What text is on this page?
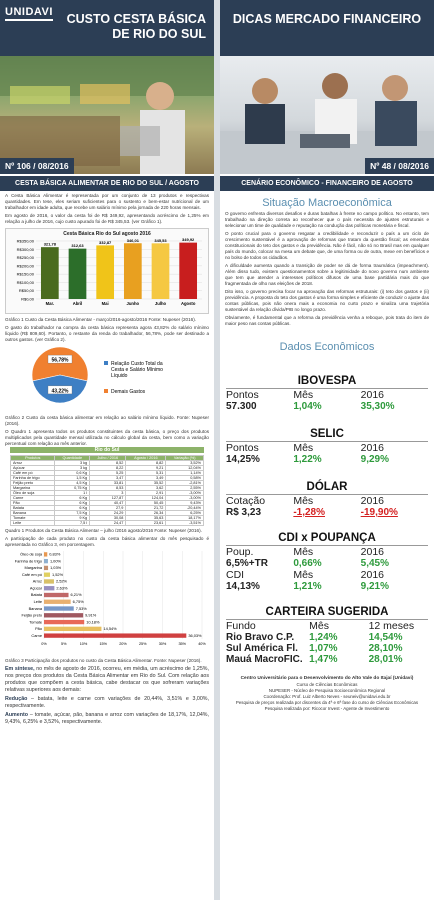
UNIDAVI	CUSTO CESTA BÁSICA DE RIO DO SUL
Nº 106 / 08/2016
CESTA BÁSICA ALIMENTAR DE RIO DO SUL / AGOSTO
A Cesta Básica Alimentar é representada por um conjunto de 13 produtos e respectivas quantidades. Em tese, eles seriam suficientes para o sustento e bem-estar nutricional de um trabalhador em idade adulta, que recebe um salário mínimo pela jornada de 220 horas mensais.
Em agosto de 2016, o valor da cesta foi de R$ 349,92, apresentando acréscimo de 1,25% em relação a julho de 2016, cujo custo apurado foi de R$ 345,53. (ver Gráfico 1).
Cesta Básica Rio do Sul agosto 2016
R$0,00
R$50,00
R$100,00
R$150,00
R$200,00
R$250,00
R$300,00
R$350,00
321,78
Mar.
312,63
Abril
332,87
Mai
346,01
Junho
345,53
Julho
349,92
Agosto
Gráfico 1 Custo da Cesta Básica Alimentar - março/2016-agosto/2016 Fonte: Nupeser (2016).
O gasto do trabalhador na compra da cesta básica representa agora 43,82% do salário mínimo líquido (R$ 809,60). Portanto, o restante da renda do trabalhador, 56,78%, pode ser destinado a outros gastos. (ver Gráfico 2).
56,78%
43,22%
Relação Custo Total da
Cesta e Salário Mínimo
Líquido
Demais Gastos
Gráfico 2 Custo da cesta básica alimentar em relação ao salário mínimo líquido. Fonte: Nupeser (2016).
O Quadro 1 apresenta todos os produtos constituintes da cesta básica, o preço dos produtos multiplicados pela quantidade mensal utilizada no cálculo global da cesta, bem como a variação percentual com relação ao mês anterior.
Rio do Sul
Produtos	Quantidade	Julho / 2016	Agosto / 2016	Variação (%)
Arroz	3 kg	8,52	8,82	3,52%
Açúcar	3 kg	8,22	9,21	12,04%
Café em pó	0,6 Kg	5,25	5,31	1,14%
Farinha de trigo	1,5 Kg	3,47	3,49	0,58%
Feijão preto	4,5 Kg	33,81	35,52	-2,81%
Margarina	0,75 Kg	8,53	3,62	2,55%
Óleo de soja	1 l	3	2,91	-3,00%
Carne	6 Kg	127,87	124,04	-3,00%
Pão	6 Kg	40,47	50,45	9,43%
Batata	6 Kg	27,9	21,72	-20,44%
Banana	7,5 Kg	24,29	26,34	6,25%
Tomate	9 Kg	30,08	35,63	18,17%
Leite	7,5 l	24,47	23,61	-3,51%
Quadro 1 Produtos da Cesta Básica Alimentar – julho /2016 agosto/2016 Fonte: Nupeser (2016).
A participação de cada produto no custo da cesta básica alimentar do mês pesquisado é apresentada no Gráfico 3, em porcentagem.
0%	5%	10%	15%	20%	25%	30%	35%	40%
Óleo de soja 0,83%
Farinha de trigo 1,00%
Margarina 1,03%
Café em pó	1,52%
Arroz	2,52%
Açúcar	2,63%
Batata	6,21%
Leite	6,75%
Banana	7,53%
Feijão preto	9,91%
Tomate	10,18%
Pão	14,54%
Carne	36,03%
Gráfico 3 Participação dos produtos no custo da Cesta Básica Alimentar. Fonte: Nupeser (2016).
Em síntese, no mês de agosto de 2016, ocorreu, em média, um acréscimo de 1,25%, nos preços dos produtos da Cesta Básica Alimentar em Rio do Sul. Com relação aos produtos que compõem a cesta básica, cabe destacar os que sofreram variações relativas superiores aos demais:
Redução – batata, leite e carne com variações de 20,44%, 3,51% e 3,00%, respectivamente.
Aumento – tomate, açúcar, pão, banana e arroz com variações de 18,17%, 12,04%, 9,43%, 6,25% e 3,52%, respectivamente.
DICAS MERCADO FINANCEIRO
Nº 48 / 08/2016
CENÁRIO ECONÔMICO - FINANCEIRO DE AGOSTO
Situação Macroeconômica
O governo enfrenta diversos desafios e duras batalhas à frente no campo político. No entanto, tem trabalhado na direção correta ao reconhecer que o país necessita de ajustes estruturais e selecionar um time de qualidade e reputação na condução das políticas monetária e fiscal.
O ponto crucial para o governo resgatar a credibilidade e reconduzir o país a um ciclo de crescimento sustentável é a aprovação de reformas que tratam da questão fiscal; as emendas constitucionais do teto dos gastos e da previdência. Não é fácil, não só no Brasil mas em qualquer país do mundo, colocar na mesa um debate que, de uma forma ou de outra, mexe em benefícios e no bolso de todos os cidadãos.
A dificuldade aumenta quando a transição de poder se dá de forma traumática (impeachment). Além disso tudo, existem questionamentos sobre a legitimidade do novo governo num ambiente que tem que atender a interesses políticos difusos de uma base partidária mais do que fragmentada de olho nas eleições de 2018.
Dito isso, o governo precisa focar na aprovação das reformas estruturais: (i) teto dos gastos e (ii) previdência. A proposta do teto dos gastos é uma forma simples e eficiente de conduzir o ajuste das contas públicas, pois não onera mais a economia no curto prazo e sinaliza uma trajetória sustentável da relação dívida/PIB no longo prazo.
Obviamente, é fundamental que a reforma da previdência venha a reboque, pois trata do item de maior peso nas contas públicas.
Dados Econômicos
IBOVESPA
Pontos	Mês	2016
57.300	1,04%	35,30%
SELIC
Pontos	Mês	2016
14,25%	1,22%	9,29%
DÓLAR
Cotação	Mês	2016
R$ 3,23	-1,28%	-19,90%
CDI x POUPANÇA
Poup.	Mês	2016
6,5%+TR	0,66%	5,45%
CDI	Mês	2016
14,13%	1,21%	9,21%
CARTEIRA SUGERIDA
Fundo	Mês	12 meses
Rio Bravo C.P.	1,24%	14,54%
Sul América Fl.	1,07%	28,10%
Mauá MacroFIC. 1,47%	28,01%
Centro Universitário para o Desenvolvimento do Alto Vale do Itajaí (Unidavi)
Curso de Ciências Econômicas
NUPESER - Núcleo de Pesquisa Socioeconômica Regional
Coordenação: Prof. Luiz Alberto Neves - seuneiv@unidavi.edu.br
Pesquisa de preços realizada por discentes da 4ª e 6ª fase do curso de Ciências Econômicas
Pesquisa realizada por: Ricocor Invest - Agente de Investimento
